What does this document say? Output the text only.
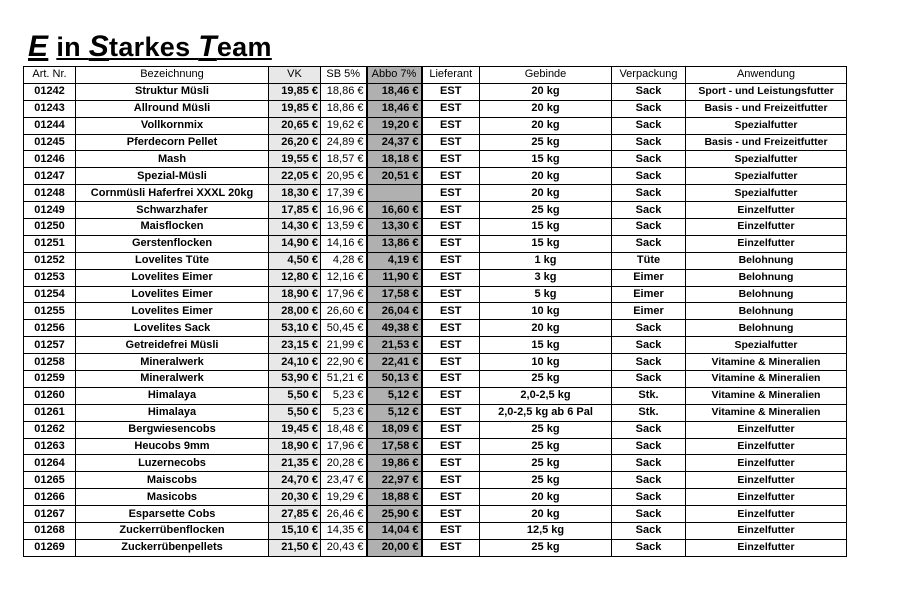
E in Starkes Team
Art. Nr.	Bezeichnung	VK	SB 5%	Abbo 7%	Lieferant	Gebinde	Verpackung	Anwendung
01242	Struktur Müsli	19,85 €	18,86 €	18,46 €	EST	20 kg	Sack	Sport - und Leistungsfutter
01243	Allround Müsli	19,85 €	18,86 €	18,46 €	EST	20 kg	Sack	Basis - und Freizeitfutter
01244	Vollkornmix	20,65 €	19,62 €	19,20 €	EST	20 kg	Sack	Spezialfutter
01245	Pferdecorn Pellet	26,20 €	24,89 €	24,37 €	EST	25 kg	Sack	Basis - und Freizeitfutter
01246	Mash	19,55 €	18,57 €	18,18 €	EST	15 kg	Sack	Spezialfutter
01247	Spezial-Müsli	22,05 €	20,95 €	20,51 €	EST	20 kg	Sack	Spezialfutter
01248	Cornmüsli Haferfrei XXXL 20kg	18,30 €	17,39 €		EST	20 kg	Sack	Spezialfutter
01249	Schwarzhafer	17,85 €	16,96 €	16,60 €	EST	25 kg	Sack	Einzelfutter
01250	Maisflocken	14,30 €	13,59 €	13,30 €	EST	15 kg	Sack	Einzelfutter
01251	Gerstenflocken	14,90 €	14,16 €	13,86 €	EST	15 kg	Sack	Einzelfutter
01252	Lovelites Tüte	4,50 €	4,28 €	4,19 €	EST	1 kg	Tüte	Belohnung
01253	Lovelites Eimer	12,80 €	12,16 €	11,90 €	EST	3 kg	Eimer	Belohnung
01254	Lovelites Eimer	18,90 €	17,96 €	17,58 €	EST	5 kg	Eimer	Belohnung
01255	Lovelites Eimer	28,00 €	26,60 €	26,04 €	EST	10 kg	Eimer	Belohnung
01256	Lovelites Sack	53,10 €	50,45 €	49,38 €	EST	20 kg	Sack	Belohnung
01257	Getreidefrei Müsli	23,15 €	21,99 €	21,53 €	EST	15 kg	Sack	Spezialfutter
01258	Mineralwerk	24,10 €	22,90 €	22,41 €	EST	10 kg	Sack	Vitamine & Mineralien
01259	Mineralwerk	53,90 €	51,21 €	50,13 €	EST	25 kg	Sack	Vitamine & Mineralien
01260	Himalaya	5,50 €	5,23 €	5,12 €	EST	2,0-2,5 kg	Stk.	Vitamine & Mineralien
01261	Himalaya	5,50 €	5,23 €	5,12 €	EST	2,0-2,5 kg ab 6 Pal	Stk.	Vitamine & Mineralien
01262	Bergwiesencobs	19,45 €	18,48 €	18,09 €	EST	25 kg	Sack	Einzelfutter
01263	Heucobs 9mm	18,90 €	17,96 €	17,58 €	EST	25 kg	Sack	Einzelfutter
01264	Luzernecobs	21,35 €	20,28 €	19,86 €	EST	25 kg	Sack	Einzelfutter
01265	Maiscobs	24,70 €	23,47 €	22,97 €	EST	25 kg	Sack	Einzelfutter
01266	Masicobs	20,30 €	19,29 €	18,88 €	EST	20 kg	Sack	Einzelfutter
01267	Esparsette Cobs	27,85 €	26,46 €	25,90 €	EST	20 kg	Sack	Einzelfutter
01268	Zuckerrübenflocken	15,10 €	14,35 €	14,04 €	EST	12,5 kg	Sack	Einzelfutter
01269	Zuckerrübenpellets	21,50 €	20,43 €	20,00 €	EST	25 kg	Sack	Einzelfutter
